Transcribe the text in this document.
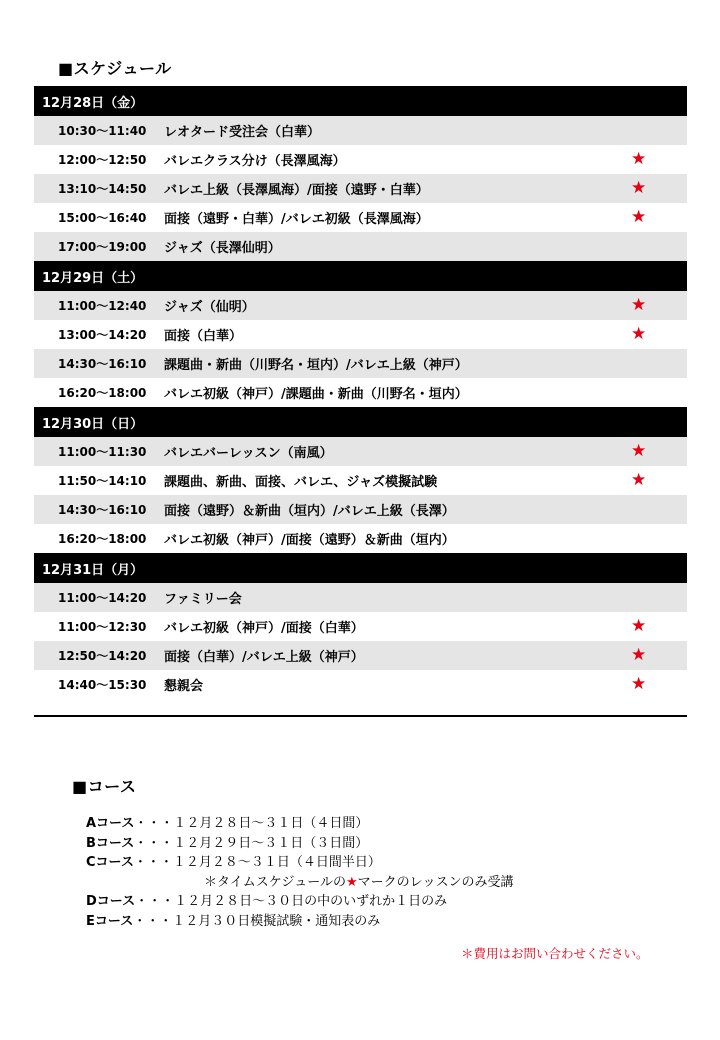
■スケジュール
12月28日（金）
10:30〜11:40	レオタード受注会（白華）
12:00〜12:50	バレエクラス分け（長澤風海）	★
13:10〜14:50	バレエ上級（長澤風海）/面接（遠野・白華）	★
15:00〜16:40	面接（遠野・白華）/バレエ初級（長澤風海）	★
17:00〜19:00	ジャズ（長澤仙明）
12月29日（土）
11:00〜12:40	ジャズ（仙明）	★
13:00〜14:20	面接（白華）	★
14:30〜16:10	課題曲・新曲（川野名・垣内）/バレエ上級（神戸）
16:20〜18:00	バレエ初級（神戸）/課題曲・新曲（川野名・垣内）
12月30日（日）
11:00〜11:30	バレエバーレッスン（南風）	★
11:50〜14:10	課題曲、新曲、面接、バレエ、ジャズ模擬試験	★
14:30〜16:10	面接（遠野）＆新曲（垣内）/バレエ上級（長澤）
16:20〜18:00	バレエ初級（神戸）/面接（遠野）＆新曲（垣内）
12月31日（月）
11:00〜14:20	ファミリー会
11:00〜12:30	バレエ初級（神戸）/面接（白華）	★
12:50〜14:20	面接（白華）/バレエ上級（神戸）	★
14:40〜15:30	懇親会	★
■コース
Aコース・・・１２月２８日〜３１日（４日間）
Bコース・・・１２月２９日〜３１日（３日間）
Cコース・・・１２月２８〜３１日（４日間半日）
＊タイムスケジュールの★マークのレッスンのみ受講
Dコース・・・１２月２８日〜３０日の中のいずれか１日のみ
Eコース・・・１２月３０日模擬試験・通知表のみ
＊費用はお問い合わせください。
